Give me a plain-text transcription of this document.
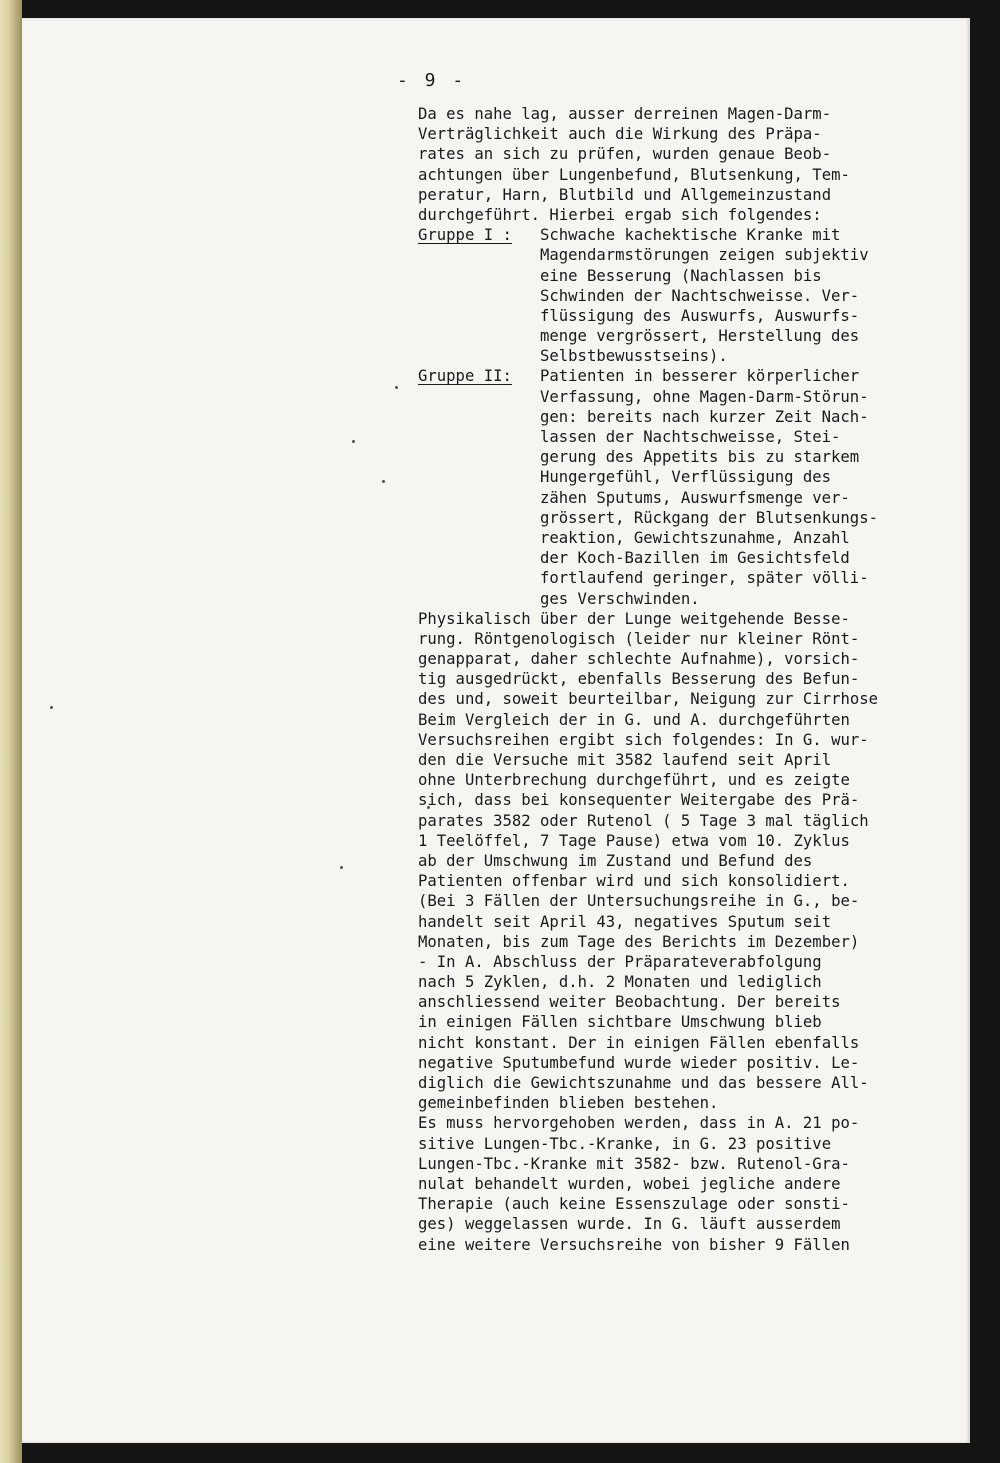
- 9 -
Da es nahe lag, ausser derreinen Magen-Darm-
Verträglichkeit auch die Wirkung des Präpa-
rates an sich zu prüfen, wurden genaue Beob-
achtungen über Lungenbefund, Blutsenkung, Tem-
peratur, Harn, Blutbild und Allgemeinzustand
durchgeführt. Hierbei ergab sich folgendes:
Gruppe I :	Schwache kachektische Kranke mit
Magendarmstörungen zeigen subjektiv
eine Besserung (Nachlassen bis
Schwinden der Nachtschweisse. Ver-
flüssigung des Auswurfs, Auswurfs-
menge vergrössert, Herstellung des
Selbstbewusstseins).
Gruppe II:	Patienten in besserer körperlicher
Verfassung, ohne Magen-Darm-Störun-
gen: bereits nach kurzer Zeit Nach-
lassen der Nachtschweisse, Stei-
gerung des Appetits bis zu starkem
Hungergefühl, Verflüssigung des
zähen Sputums, Auswurfsmenge ver-
grössert, Rückgang der Blutsenkungs-
reaktion, Gewichtszunahme, Anzahl
der Koch-Bazillen im Gesichtsfeld
fortlaufend geringer, später völli-
ges Verschwinden.
Physikalisch über der Lunge weitgehende Besse-
rung. Röntgenologisch (leider nur kleiner Rönt-
genapparat, daher schlechte Aufnahme), vorsich-
tig ausgedrückt, ebenfalls Besserung des Befun-
des und, soweit beurteilbar, Neigung zur Cirrhose
Beim Vergleich der in G. und A. durchgeführten
Versuchsreihen ergibt sich folgendes: In G. wur-
den die Versuche mit 3582 laufend seit April
ohne Unterbrechung durchgeführt, und es zeigte
sich, dass bei konsequenter Weitergabe des Prä-
parates 3582 oder Rutenol ( 5 Tage 3 mal täglich
1 Teelöffel, 7 Tage Pause) etwa vom 10. Zyklus
ab der Umschwung im Zustand und Befund des
Patienten offenbar wird und sich konsolidiert.
(Bei 3 Fällen der Untersuchungsreihe in G., be-
handelt seit April 43, negatives Sputum seit
Monaten, bis zum Tage des Berichts im Dezember)
- In A. Abschluss der Präparateverabfolgung
nach 5 Zyklen, d.h. 2 Monaten und lediglich
anschliessend weiter Beobachtung. Der bereits
in einigen Fällen sichtbare Umschwung blieb
nicht konstant. Der in einigen Fällen ebenfalls
negative Sputumbefund wurde wieder positiv. Le-
diglich die Gewichtszunahme und das bessere All-
gemeinbefinden blieben bestehen.
Es muss hervorgehoben werden, dass in A. 21 po-
sitive Lungen-Tbc.-Kranke, in G. 23 positive
Lungen-Tbc.-Kranke mit 3582- bzw. Rutenol-Gra-
nulat behandelt wurden, wobei jegliche andere
Therapie (auch keine Essenszulage oder sonsti-
ges) weggelassen wurde. In G. läuft ausserdem
eine weitere Versuchsreihe von bisher 9 Fällen
